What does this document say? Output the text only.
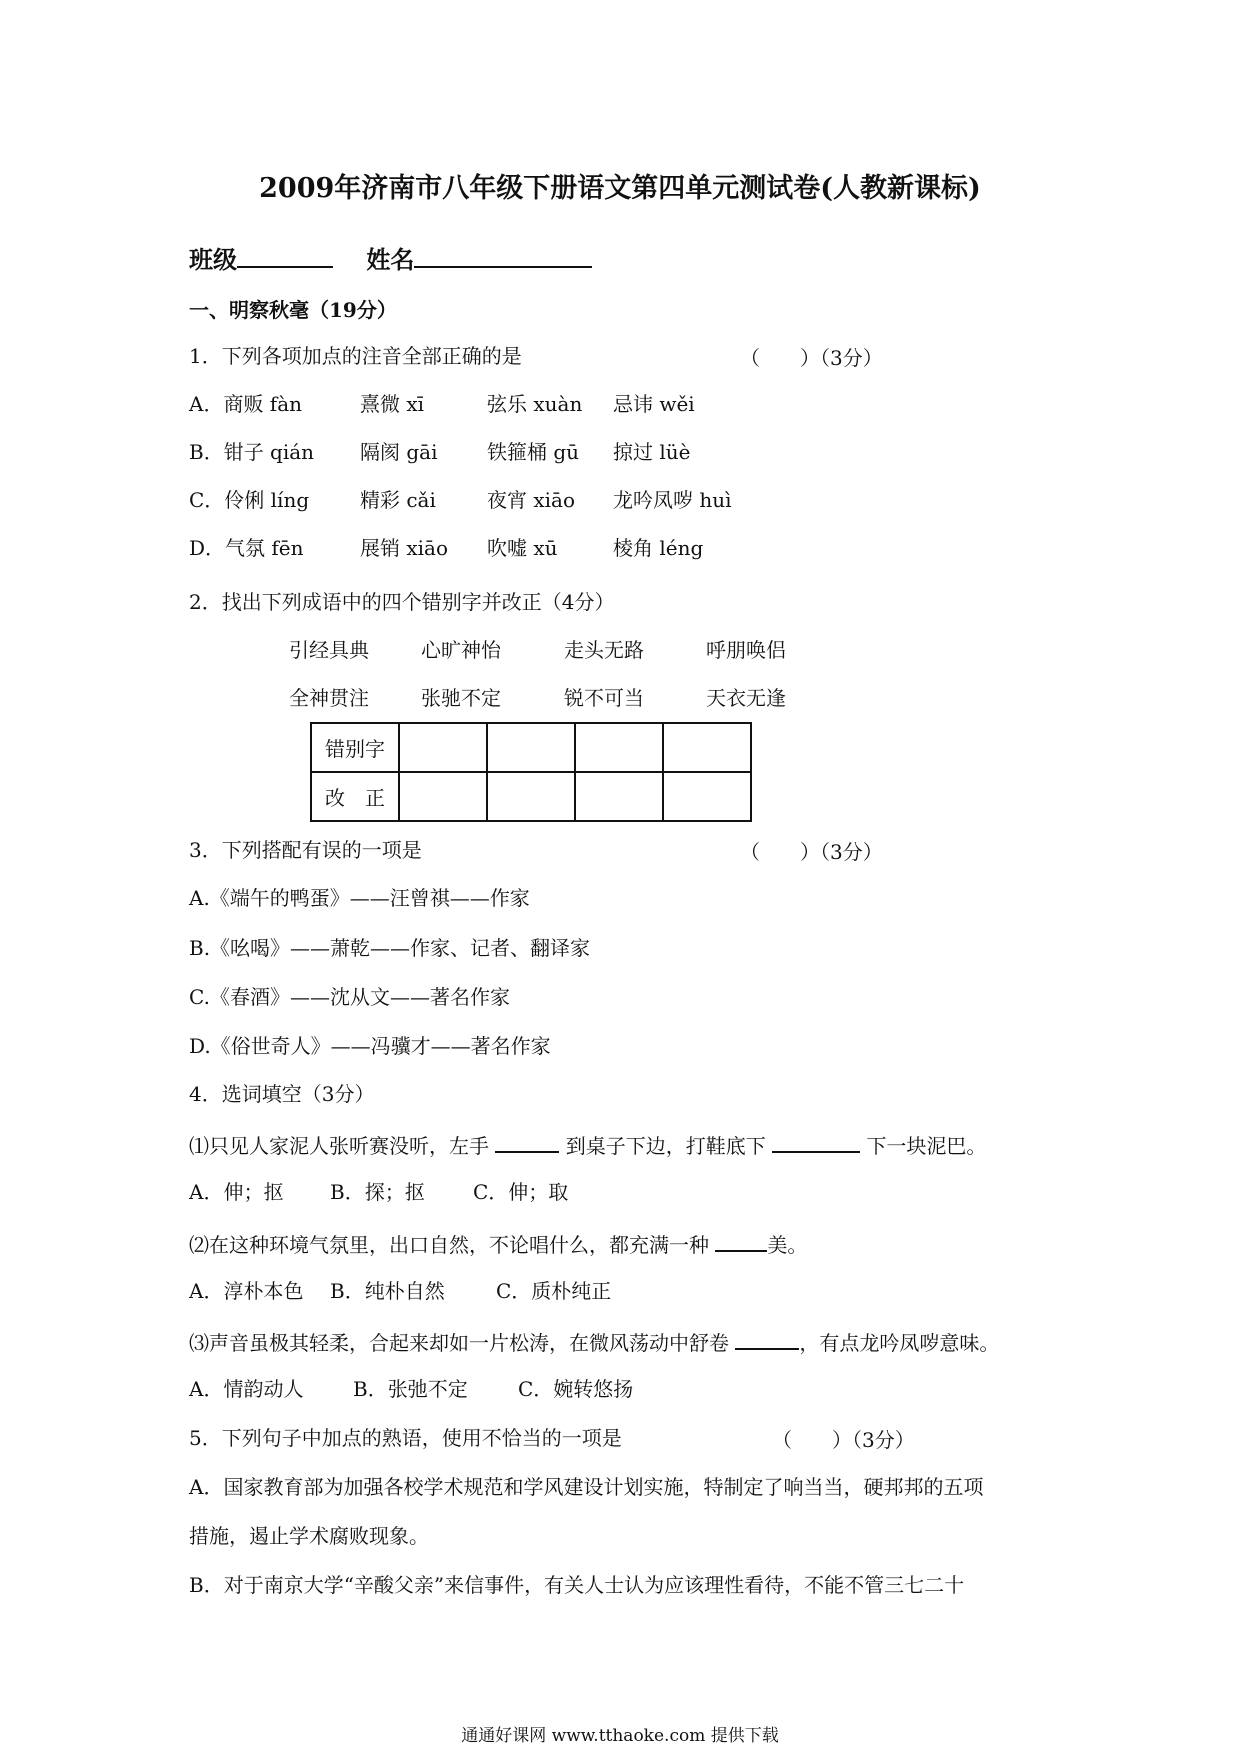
2009年济南市八年级下册语文第四单元测试卷(人教新课标)
班级	姓名
一、明察秋毫（19分）
1．下列各项加点的注音全部正确的是	（　　）（3分）
A．商贩 fàn	熹微 xī	弦乐 xuàn 忌讳 wěi
B．钳子 qián 隔阂 gāi 铁箍桶 gū 掠过 lüè
C．伶俐 líng	精彩 cǎi	夜宵 xiāo 龙吟凤哕 huì
D．气氛 fēn	展销 xiāo 吹嘘 xū	棱角 léng
2．找出下列成语中的四个错别字并改正（4分）
引经具典	心旷神怡	走头无路	呼朋唤侣
全神贯注	张驰不定	锐不可当	天衣无逢
错别字				
改　正				
3．下列搭配有误的一项是	（　　）（3分）
A.《端午的鸭蛋》——汪曾祺——作家
B.《吆喝》——萧乾——作家、记者、翻译家
C.《春酒》——沈从文——著名作家
D.《俗世奇人》——冯骥才——著名作家
4．选词填空（3分）
⑴只见人家泥人张听赛没听，左手	到桌子下边，打鞋底下	下一块泥巴。
A．伸；抠 B．探；抠 C．伸；取
⑵在这种环境气氛里，出口自然，不论唱什么，都充满一种	美。
A．淳朴本色 B．纯朴自然	C．质朴纯正
⑶声音虽极其轻柔，合起来却如一片松涛，在微风荡动中舒卷	，有点龙吟凤哕意味。
A．情韵动人 B．张弛不定	C．婉转悠扬
5．下列句子中加点的熟语，使用不恰当的一项是	（　　）（3分）
A．国家教育部为加强各校学术规范和学风建设计划实施，特制定了响当当，硬邦邦的五项
措施，遏止学术腐败现象。
B．对于南京大学“辛酸父亲”来信事件，有关人士认为应该理性看待，不能不管三七二十
通通好课网 www.tthaoke.com 提供下载
